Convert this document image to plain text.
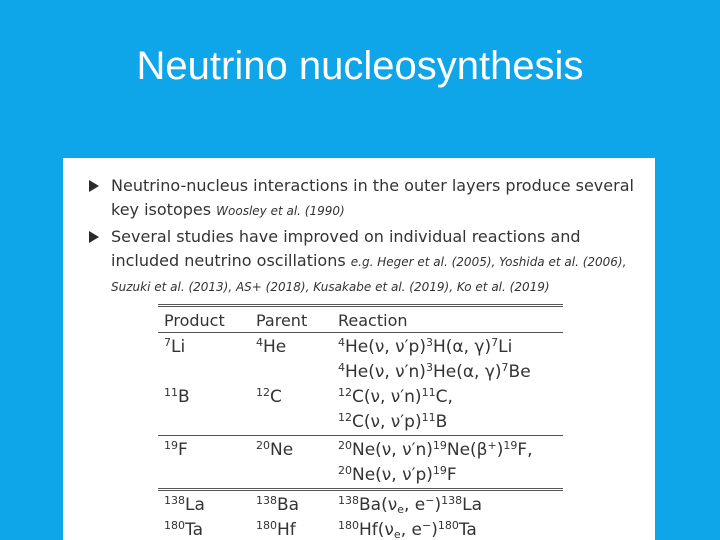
Neutrino nucleosynthesis
Neutrino-nucleus interactions in the outer layers produce several key isotopes Woosley et al. (1990)
Several studies have improved on individual reactions and included neutrino oscillations e.g. Heger et al. (2005), Yoshida et al. (2006), Suzuki et al. (2013), AS+ (2018), Kusakabe et al. (2019), Ko et al. (2019)

Product	Parent	Reaction
$^7$Li	$^4$He	$^4$He(ν, ν′p)$^3$H(α, γ)$^7$Li
		$^4$He(ν, ν′n)$^3$He(α, γ)$^7$Be
$^{11}$B	$^{12}$C	$^{12}$C(ν, ν′n)$^{11}$C,
		$^{12}$C(ν, ν′p)$^{11}$B
$^{19}$F	$^{20}$Ne	$^{20}$Ne(ν, $\nu'n)^{19}Ne(\beta^+)^{19}F$,
		$^{20}$Ne(ν, ν′p)$^{19}$F
$^{138}$La	$^{138}$Ba	$^{138}Ba(\nu_e$, e−)$^{138}$La
$^{180}$Ta	$^{180}$Hf	$^{180}Hf(\nu_e$, e−)$^{180}$Ta
